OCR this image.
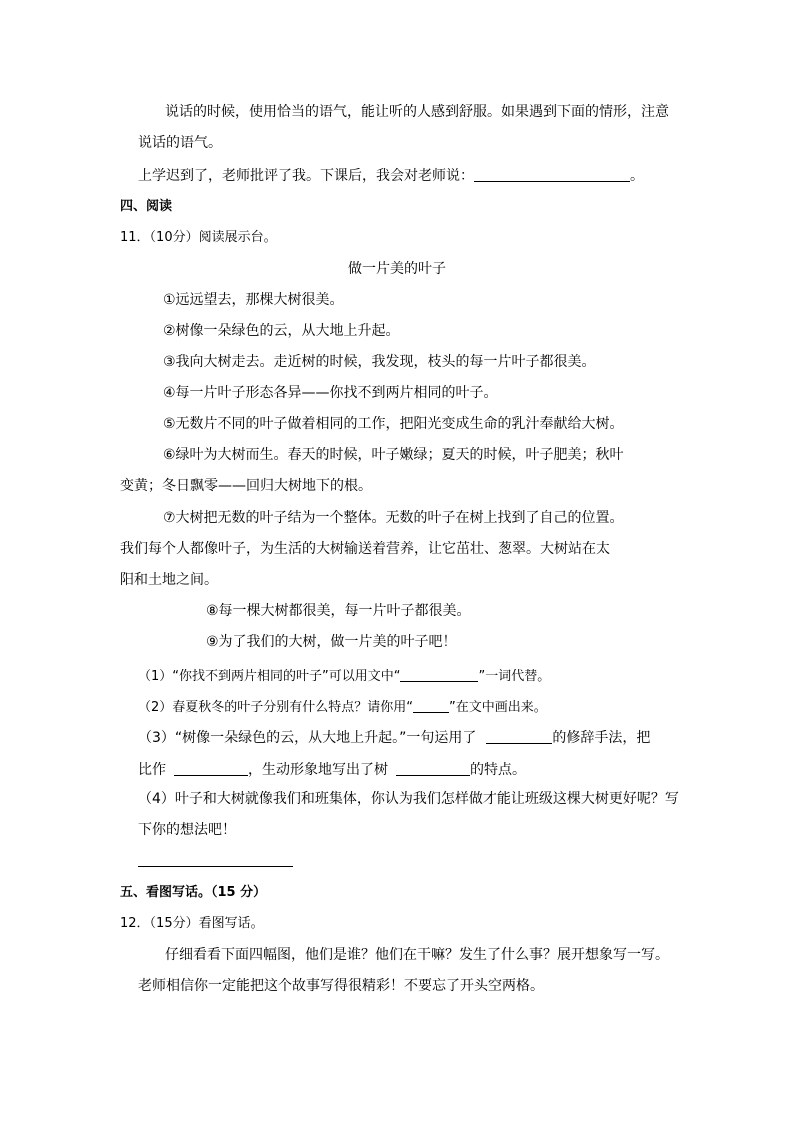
说话的时候，使用恰当的语气，能让听的人感到舒服。如果遇到下面的情形，注意
说话的语气。
上学迟到了，老师批评了我。下课后，我会对老师说：	。
四、阅读
11．（10分）阅读展示台。
做一片美的叶子
①远远望去，那棵大树很美。
②树像一朵绿色的云，从大地上升起。
③我向大树走去。走近树的时候，我发现，枝头的每一片叶子都很美。
④每一片叶子形态各异——你找不到两片相同的叶子。
⑤无数片不同的叶子做着相同的工作，把阳光变成生命的乳汁奉献给大树。
⑥绿叶为大树而生。春天的时候，叶子嫩绿；夏天的时候，叶子肥美；秋叶
变黄；冬日飘零——回归大树地下的根。
⑦大树把无数的叶子结为一个整体。无数的叶子在树上找到了自己的位置。
我们每个人都像叶子，为生活的大树输送着营养，让它茁壮、葱翠。大树站在太
阳和土地之间。
⑧每一棵大树都很美，每一片叶子都很美。
⑨为了我们的大树，做一片美的叶子吧！
（1）“你找不到两片相同的叶子”可以用文中“	”一词代替。
（2）春夏秋冬的叶子分别有什么特点？请你用“	”在文中画出来。
（3）“树像一朵绿色的云，从大地上升起。”一句运用了	的修辞手法，把
比作	，生动形象地写出了树	的特点。
（4）叶子和大树就像我们和班集体，你认为我们怎样做才能让班级这棵大树更好呢？写
下你的想法吧！
五、看图写话。（15 分）
12．（15分）看图写话。
仔细看看下面四幅图，他们是谁？他们在干嘛？发生了什么事？展开想象写一写。
老师相信你一定能把这个故事写得很精彩！不要忘了开头空两格。
